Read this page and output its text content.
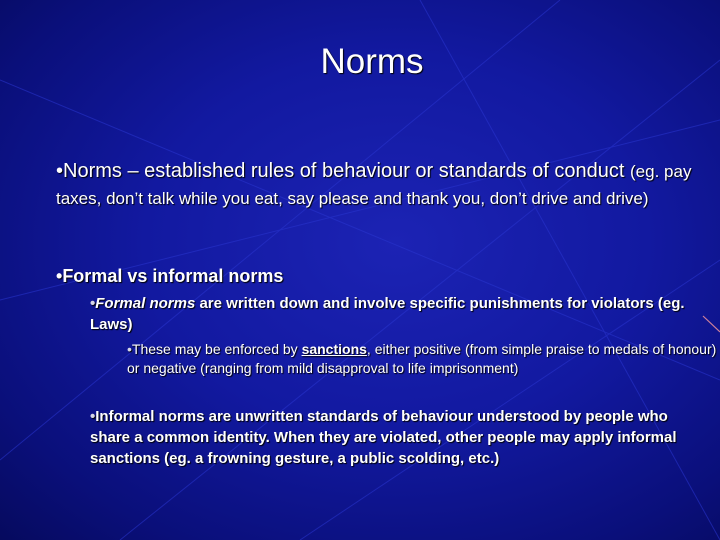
Norms

•Norms – established rules of behaviour or standards of conduct (eg. pay taxes, don’t talk while you eat, say please and thank you, don’t drive and drive)

•Formal vs informal norms

•Formal norms are written down and involve specific punishments for violators (eg. Laws)

•These may be enforced by sanctions, either positive (from simple praise to medals of honour) or negative (ranging from mild disapproval to life imprisonment)

•Informal norms are unwritten standards of behaviour understood by people who share a common identity. When they are violated, other people may apply informal sanctions (eg. a frowning gesture, a public scolding, etc.)
